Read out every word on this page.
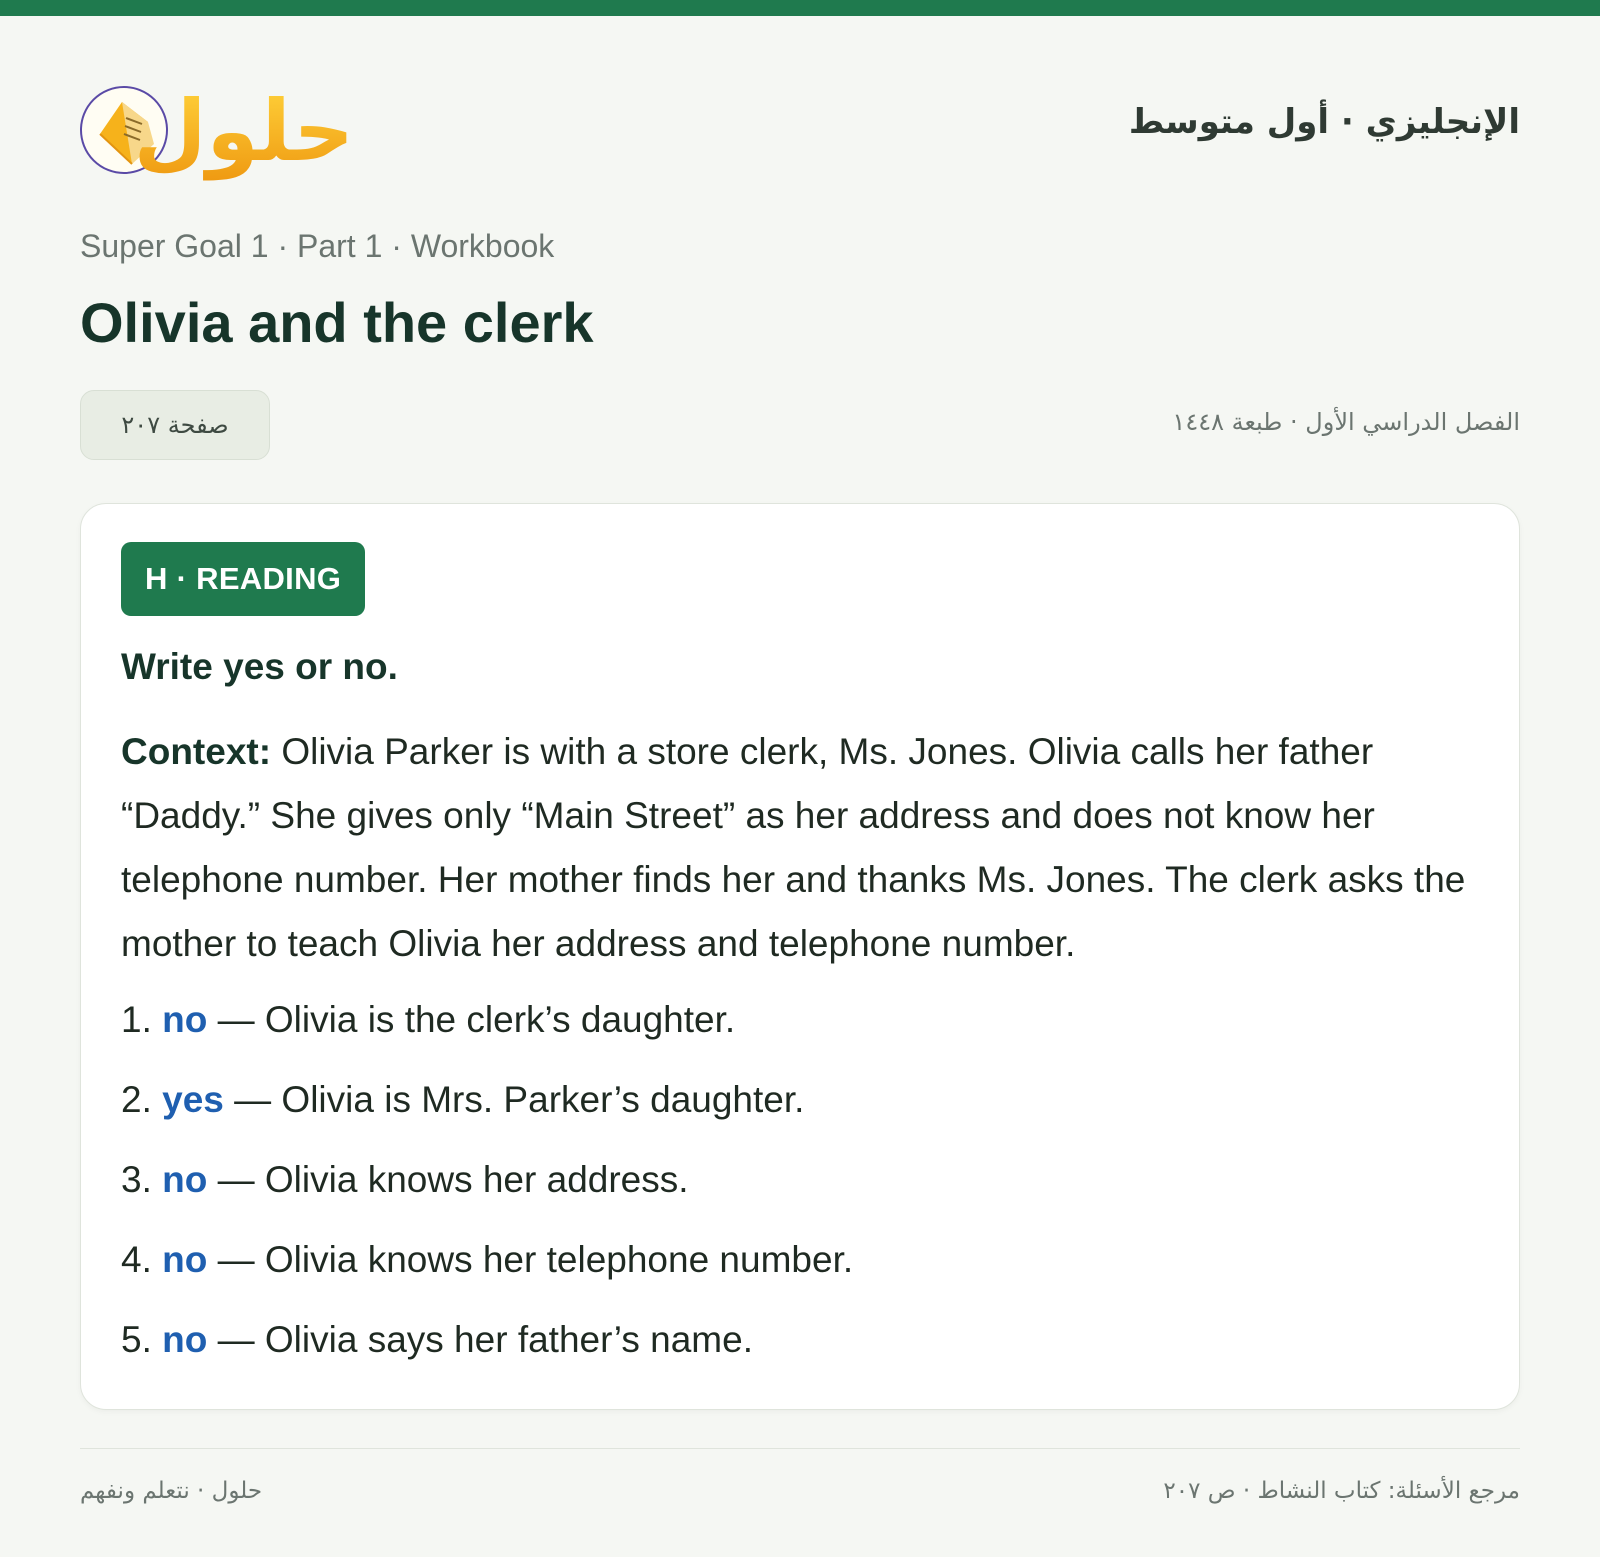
حلول	الإنجليزي · أول متوسط
Super Goal 1 · Part 1 · Workbook
Olivia and the clerk
صفحة ٢٠٧	الفصل الدراسي الأول · طبعة ١٤٤٨
H · READING
Write yes or no.

Context: Olivia Parker is with a store clerk, Ms. Jones. Olivia calls her father “Daddy.” She gives only “Main Street” as her address and does not know her telephone number. Her mother finds her and thanks Ms. Jones. The clerk asks the mother to teach Olivia her address and telephone number.

1. no — Olivia is the clerk’s daughter.
2. yes — Olivia is Mrs. Parker’s daughter.
3. no — Olivia knows her address.
4. no — Olivia knows her telephone number.
5. no — Olivia says her father’s name.
حلول · نتعلم ونفهم	مرجع الأسئلة: كتاب النشاط · ص ٢٠٧
